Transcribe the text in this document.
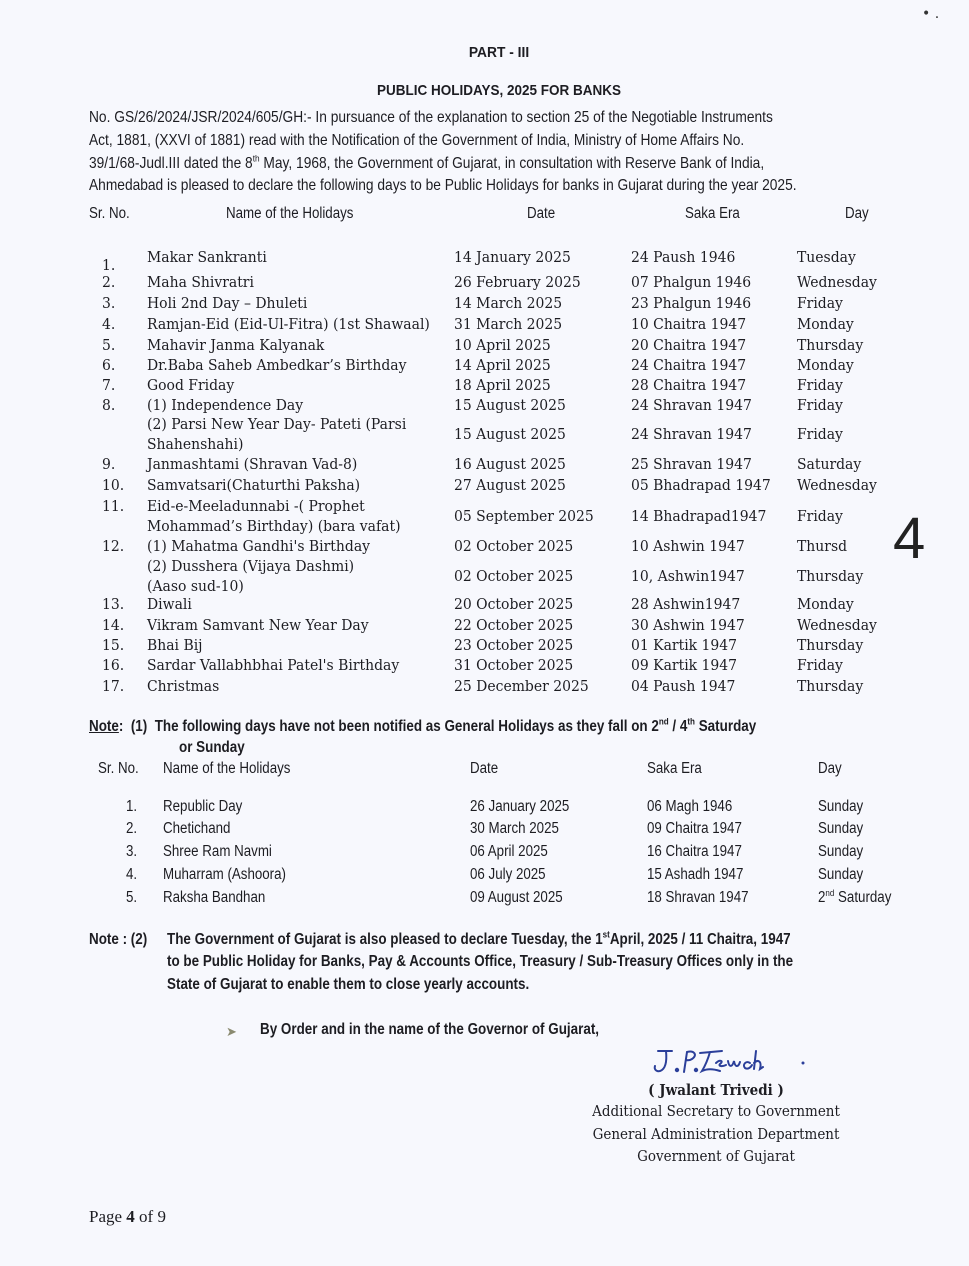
• .
PART - III
PUBLIC HOLIDAYS, 2025 FOR BANKS
No. GS/26/2024/JSR/2024/605/GH:- In pursuance of the explanation to section 25 of the Negotiable Instruments
Act, 1881, (XXVI of 1881) read with the Notification of the Government of India, Ministry of Home Affairs No.
39/1/68-Judl.III dated the 8th May, 1968, the Government of Gujarat, in consultation with Reserve Bank of India,
Ahmedabad is pleased to declare the following days to be Public Holidays for banks in Gujarat during the year 2025.
Sr. No.	Name of the Holidays	Date	Saka Era	Day
1. Makar Sankranti	14 January 2025	24 Paush 1946	Tuesday
2. Maha Shivratri	26 February 2025	07 Phalgun 1946	Wednesday
3. Holi 2nd Day – Dhuleti	14 March 2025	23 Phalgun 1946	Friday
4. Ramjan-Eid (Eid-Ul-Fitra) (1st Shawaal) 31 March 2025	10 Chaitra 1947	Monday
5. Mahavir Janma Kalyanak	10 April 2025	20 Chaitra 1947	Thursday
6. Dr.Baba Saheb Ambedkar’s Birthday	14 April 2025	24 Chaitra 1947	Monday
7. Good Friday	18 April 2025	28 Chaitra 1947	Friday
8. (1) Independence Day	15 August 2025	24 Shravan 1947	Friday
(2) Parsi New Year Day- Pateti (Parsi
Shahenshahi)
15 August 2025	24 Shravan 1947	Friday
9. Janmashtami (Shravan Vad-8)	16 August 2025	25 Shravan 1947	Saturday
10. Samvatsari(Chaturthi Paksha)	27 August 2025	05 Bhadrapad 1947 Wednesday
11. Eid-e-Meeladunnabi -( Prophet
Mohammad’s Birthday) (bara vafat)
05 September 2025 14 Bhadrapad1947 Friday
12. (1) Mahatma Gandhi's Birthday	02 October 2025	10 Ashwin 1947	Thursd
(2) Dusshera (Vijaya Dashmi)
(Aaso sud-10)
02 October 2025	10, Ashwin1947	Thursday
13. Diwali	20 October 2025	28 Ashwin1947	Monday
14. Vikram Samvant New Year Day	22 October 2025	30 Ashwin 1947	Wednesday
15. Bhai Bij	23 October 2025	01 Kartik 1947	Thursday
16. Sardar Vallabhbhai Patel's Birthday	31 October 2025	09 Kartik 1947	Friday
17. Christmas	25 December 2025	04 Paush 1947	Thursday
4
Note: (1) The following days have not been notified as General Holidays as they fall on 2nd / 4th Saturday
or Sunday
Sr. No. Name of the Holidays	Date	Saka Era	Day
1. Republic Day	26 January 2025	06 Magh 1946	Sunday
2. Chetichand	30 March 2025	09 Chaitra 1947	Sunday
3. Shree Ram Navmi	06 April 2025	16 Chaitra 1947	Sunday
4. Muharram (Ashoora)	06 July 2025	15 Ashadh 1947	Sunday
5. Raksha Bandhan	09 August 2025	18 Shravan 1947	2nd Saturday
Note : (2) The Government of Gujarat is also pleased to declare Tuesday, the 1stApril, 2025 / 11 Chaitra, 1947
to be Public Holiday for Banks, Pay & Accounts Office, Treasury / Sub-Treasury Offices only in the
State of Gujarat to enable them to close yearly accounts.
➤ By Order and in the name of the Governor of Gujarat,
( Jwalant Trivedi )
Additional Secretary to Government
General Administration Department
Government of Gujarat
Page 4 of 9
